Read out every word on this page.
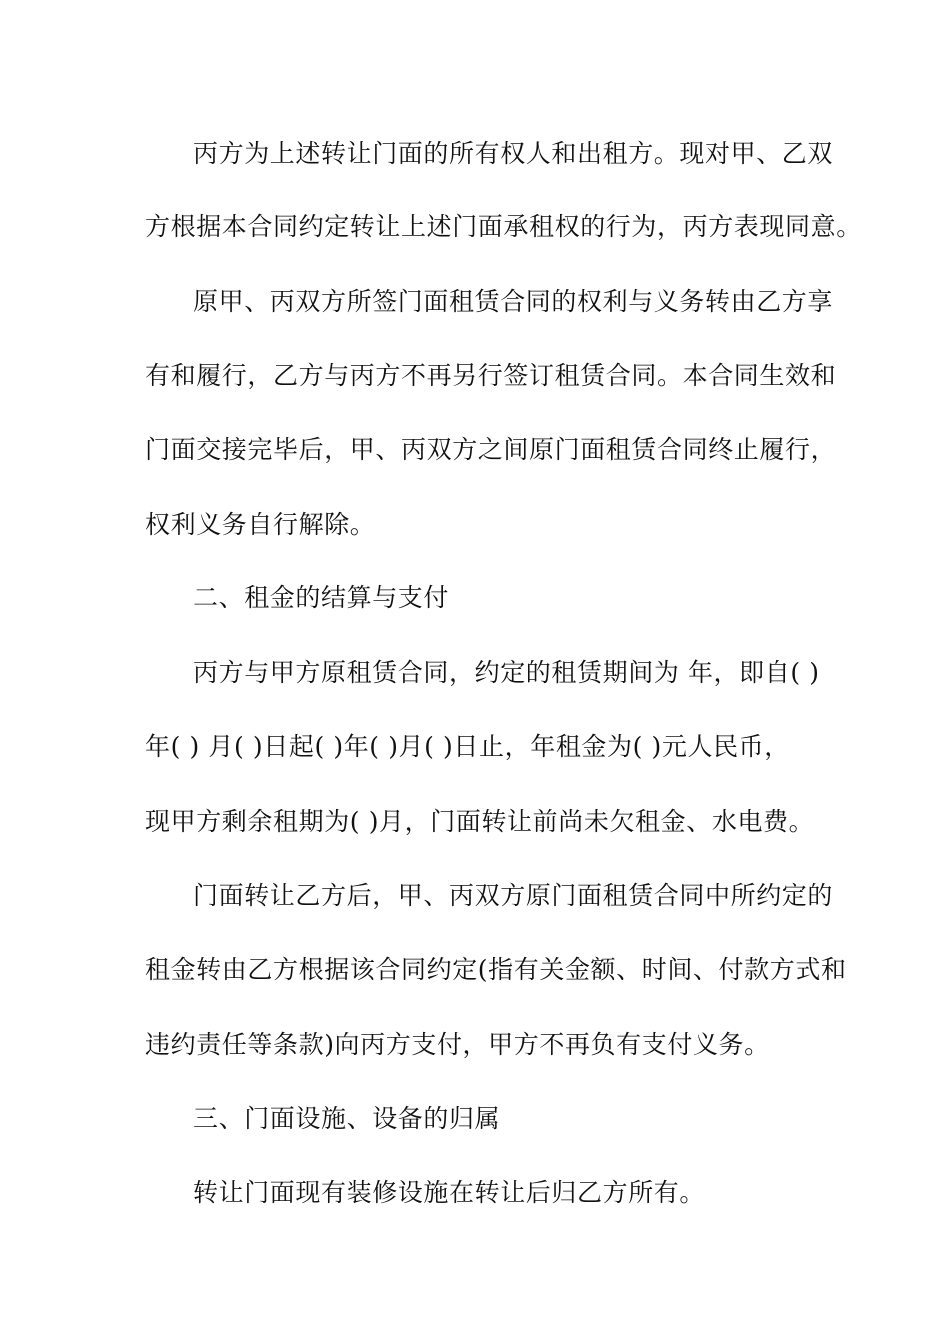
丙方为上述转让门面的所有权人和出租方。现对甲、乙双
方根据本合同约定转让上述门面承租权的行为，丙方表现同意。
原甲、丙双方所签门面租赁合同的权利与义务转由乙方享
有和履行，乙方与丙方不再另行签订租赁合同。本合同生效和
门面交接完毕后，甲、丙双方之间原门面租赁合同终止履行，
权利义务自行解除。
二、租金的结算与支付
丙方与甲方原租赁合同，约定的租赁期间为 年，即自( )
年( ) 月( )日起( )年( )月( )日止，年租金为( )元人民币，
现甲方剩余租期为( )月，门面转让前尚未欠租金、水电费。
门面转让乙方后，甲、丙双方原门面租赁合同中所约定的
租金转由乙方根据该合同约定(指有关金额、时间、付款方式和
违约责任等条款)向丙方支付，甲方不再负有支付义务。
三、门面设施、设备的归属
转让门面现有装修设施在转让后归乙方所有。
